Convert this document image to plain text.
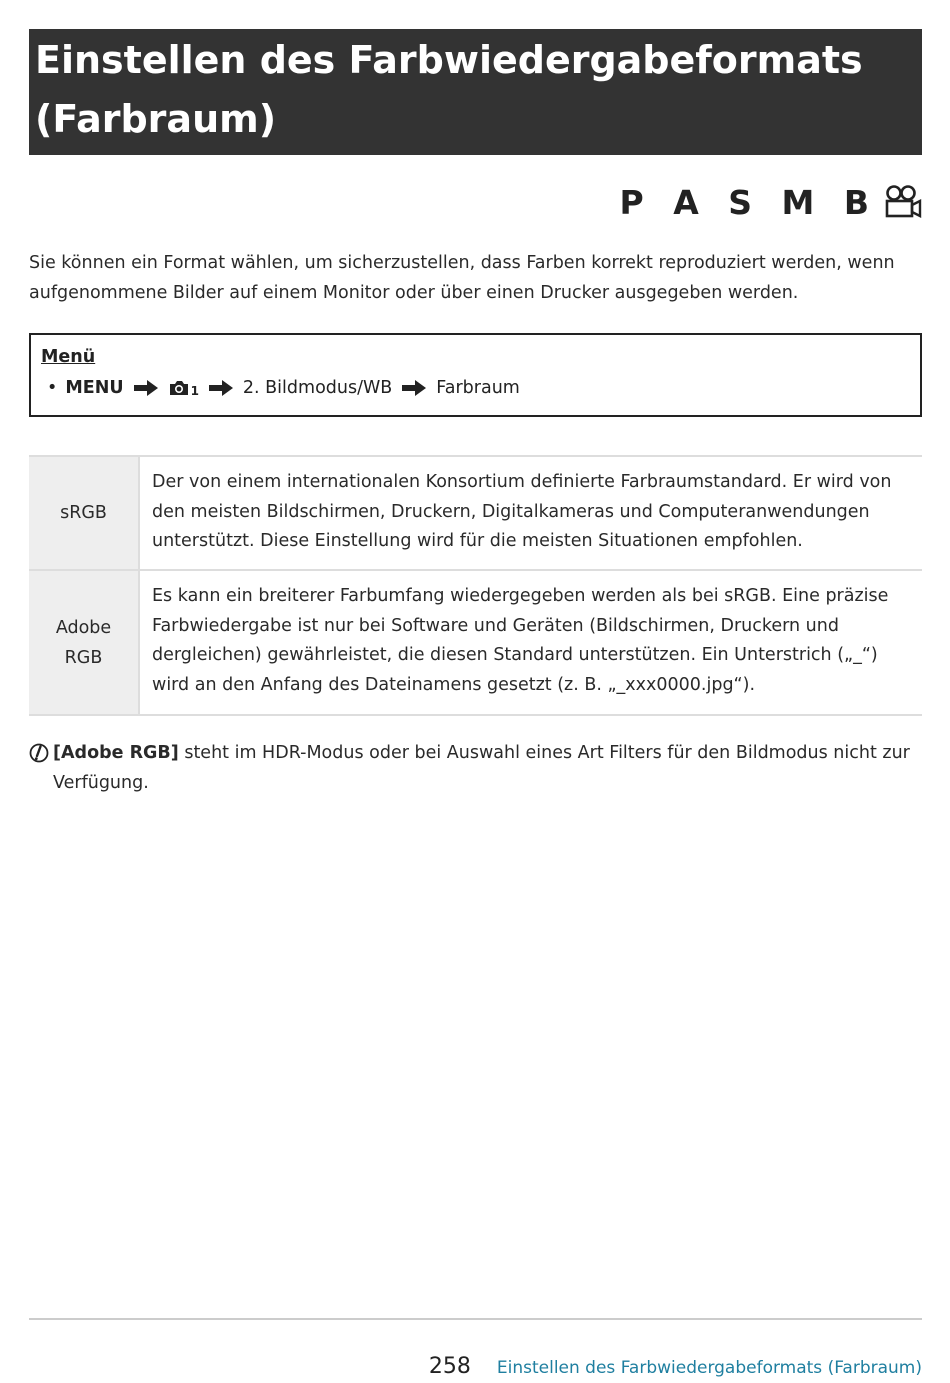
Einstellen des Farbwiedergabeformats
(Farbraum)
P A S M B

Sie können ein Format wählen, um sicherzustellen, dass Farben korrekt reproduziert werden, wenn aufgenommene Bilder auf einem Monitor oder über einen Drucker ausgegeben werden.

Menü
• MENU	1	2. Bildmodus/WB	Farbraum
sRGB
Der von einem internationalen Konsortium definierte Farbraumstandard. Er wird von den meisten Bildschirmen, Druckern, Digitalkameras und Computeranwendungen unterstützt. Diese Einstellung wird für die meisten Situationen empfohlen.
Adobe RGB
Es kann ein breiterer Farbumfang wiedergegeben werden als bei sRGB. Eine präzise Farbwiedergabe ist nur bei Software und Geräten (Bildschirmen, Druckern und dergleichen) gewährleistet, die diesen Standard unterstützen. Ein Unterstrich („_“) wird an den Anfang des Dateinamens gesetzt (z. B. „_xxx0000.jpg“).
[Adobe RGB] steht im HDR-Modus oder bei Auswahl eines Art Filters für den Bildmodus nicht zur Verfügung.
258 Einstellen des Farbwiedergabeformats (Farbraum)
